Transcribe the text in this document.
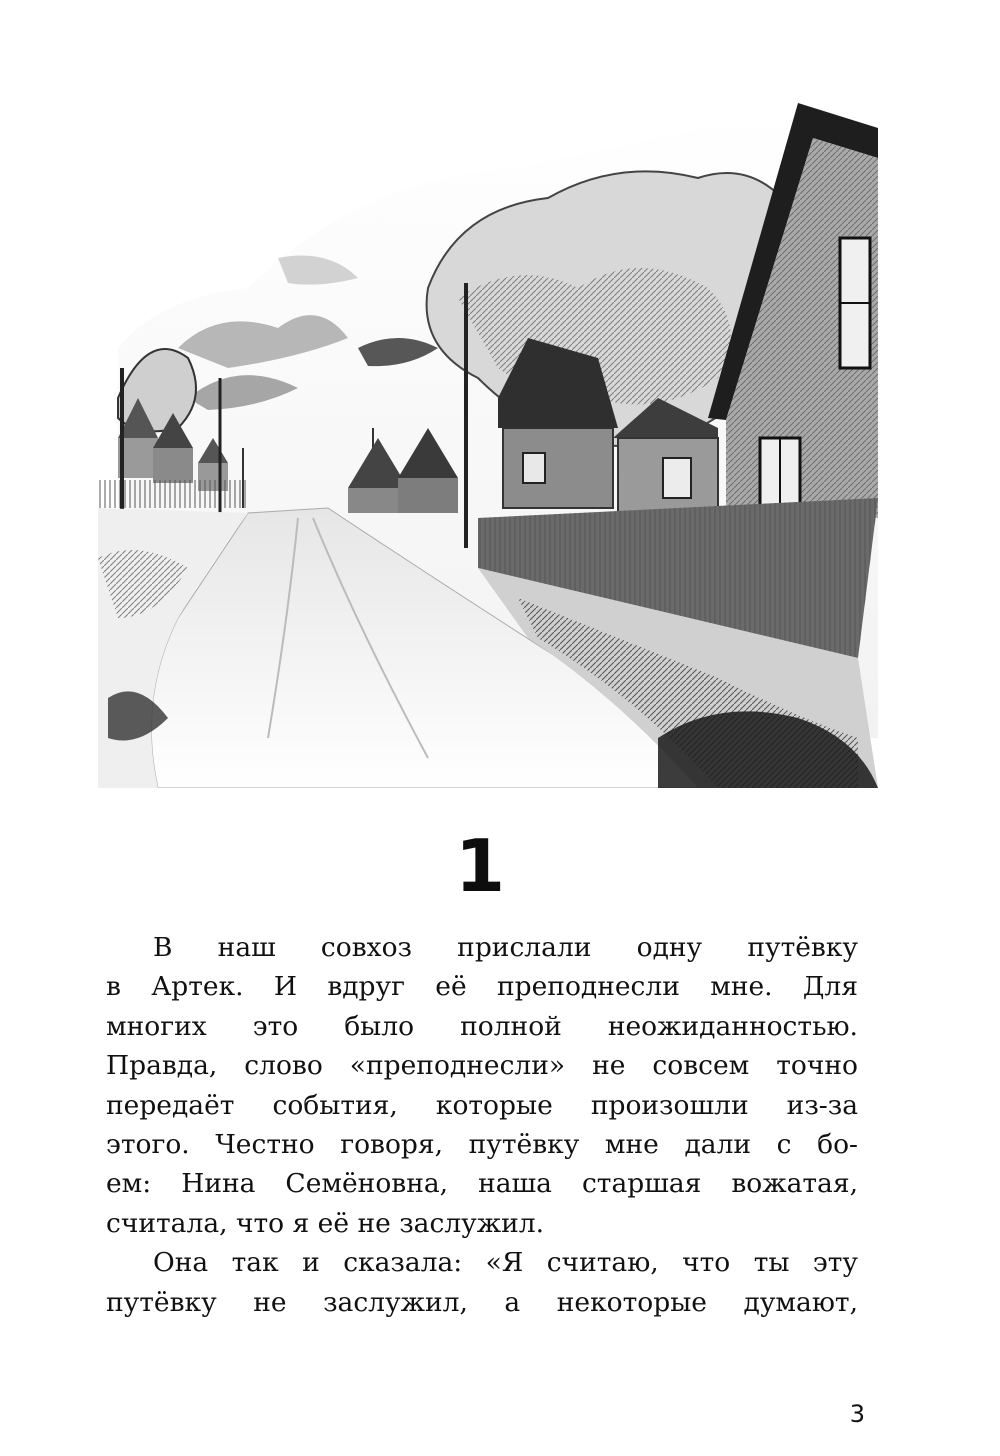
1

В наш совхоз прислали одну путёвку
в Артек. И вдруг её преподнесли мне. Для
многих это было полной неожиданностью.
Правда, слово «преподнесли» не совсем точно
передаёт события, которые произошли из-за
этого. Честно говоря, путёвку мне дали с бо-
ем: Нина Семёновна, наша старшая вожатая,
считала, что я её не заслужил.

Она так и сказала: «Я считаю, что ты эту
путёвку не заслужил, а некоторые думают,

3
